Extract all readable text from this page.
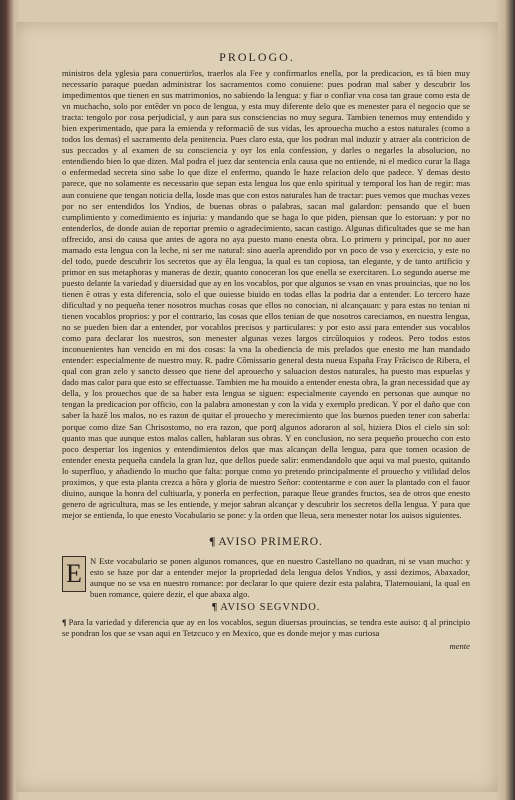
PROLOGO.

ministros dela yglesia para conuertirlos, traerlos ala Fee y confirmarlos enella, por la predicacion, es tā bien muy necessario paraque puedan administrar los sacramentos como conuiene: pues podran mal saber y descubrir los impedimentos que tienen en sus matrimonios, no sabiendo la lengua: y fiar o confiar vna cosa tan graue como esta de vn muchacho, solo por entēder vn poco de lengua, y esta muy diferente delo que es menester para el negocio que se tracta: tengolo por cosa perjudicial, y aun para sus consciencias no muy segura. Tambien tenemos muy entendido y bien experimentado, que para la emienda y reformaciō de sus vidas, les aprouecha mucho a estos naturales (como a todos los demas) el sacramento dela penitencia. Pues claro esta, que los podran mal induzir y atraer ala contricion de sus peccados y al examen de su consciencia y oyr los enla confession, y darles o negarles la absolucion, no entendiendo bien lo que dizen. Mal podra el juez dar sentencia enla causa que no entiende, ni el medico curar la llaga o enfermedad secreta sino sabe lo que dize el enfermo, quando le haze relacion delo que padece. Y demas desto parece, que no solamente es necessario que sepan esta lengua los que enlo spiritual y temporal los han de regir: mas aun conuiene que tengan noticia della, losde mas que con estos naturales han de tractar: pues vemos que muchas vezes por no ser entendidos los Yndios, de buenas obras o palabras, sacan mal galardon: pensando que el buen cumplimiento y comedimiento es injuria: y mandando que se haga lo que piden, piensan que lo estoruan: y por no entenderlos, de donde auian de reportar premio o agradecimiento, sacan castigo. Algunas dificultades que se me han offrecido, ansi do causa que antes de agora no aya puesto mano enesta obra. Lo primero y principal, por no auer mamado esta lengua con la leche, ni ser me natural: sino auerla aprendido por vn poco de vso y exercicio, y este no del todo, puede descubrir los secretos que ay ēla lengua, la qual es tan copiosa, tan elegante, y de tanto artificio y primor en sus metaphoras y maneras de dezir, quanto conoceran los que enella se exercitaren. Lo segundo auerse me puesto delante la variedad y diuersidad que ay en los vocablos, por que algunos se vsan en vnas prouincias, que no los tienen ē otras y esta diferencia, solo el que ouiesse biuido en todas ellas la podria dar a entender. Lo tercero haze dificultad y no pequeña tener nosotros muchas cosas que ellos no conocian, ni alcançauan: y para estas no tenian ni tienen vocablos proprios: y por el contrario, las cosas que ellos tenian de que nosotros careciamos, en nuestra lengua, no se pueden bien dar a entender, por vocablos precisos y particulares: y por esto assi para entender sus vocablos como para declarar los nuestros, son menester algunas vezes largos circūloquios y rodeos. Pero todos estos inconuenientes han vencido en mi dos cosas: la vna la obediencia de mis prelados que enesto me han mandado entender: especialmente de nuestro muy. R. padre Cōmissario general desta nueua España Fray Frācisco de Ribera, el qual con gran zelo y sancto desseo que tiene del aprouecho y saluacion destos naturales, ha puesto mas espuelas y dado mas calor para que esto se effectuasse. Tambien me ha mouido a entender enesta obra, la gran necessidad que ay della, y los prouechos que de sa haber esta lengua se siguen: especialmente cayendo en personas que aunque no tengan la predicacion por officio, con la palabra amonestan y con la vida y exemplo predican. Y por el daño que con saber la hazē los malos, no es razon de quitar el prouecho y merecimiento que los buenos pueden tener con saberla: porque como dize San Chrisostomo, no era razon, que porq̄ algunos adoraron al sol, hiziera Dios el cielo sin sol: quanto mas que aunque estos malos callen, hablaran sus obras. Y en conclusion, no sera pequeño prouecho con esto poco despertar los ingenios y entendimientos delos que mas alcançan della lengua, para que tomen ocasion de entender enesta pequeña candela la gran luz, que dellos puede salir: enmendandolo que aqui va mal puesto, quitando lo superfluo, y añadiendo lo mucho que falta: porque como yo pretendo principalmente el prouecho y vtilidad delos proximos, y que esta planta crezca a hōra y gloria de nuestro Señor: contentarme e con auer la plantado con el fauor diuino, aunque la honra del cultiuarla, y ponerla en perfection, paraque lleue grandes fructos, sea de otros que enesto genero de agricultura, mas se les entiende, y mejor sabran alcançar y descubrir los secretos della lengua. Y para que mejor se entienda, lo que enesto Vocabulario se pone: y la orden que lleua, sera menester notar los auisos siguientes.

¶ AVISO PRIMERO.
E N Este vocabulario se ponen algunos romances, que en nuestro Castellano no quadran, ni se vsan mucho: y esto se haze por dar a entender mejor la propriedad dela lengua delos Yndios, y assi dezimos, Abaxador, aunque no se vsa en nuestro romance: por declarar lo que quiere dezir esta palabra, Tlatemouiani, la qual en buen romance, quiere dezir, el que abaxa algo.

¶ AVISO SEGVNDO.

¶ Para la variedad y diferencia que ay en los vocablos, segun diuersas prouincias, se tendra este auiso: q̄ al principio se pondran los que se vsan aqui en Tetzcuco y en Mexico, que es donde mejor y mas curiosa

mente
